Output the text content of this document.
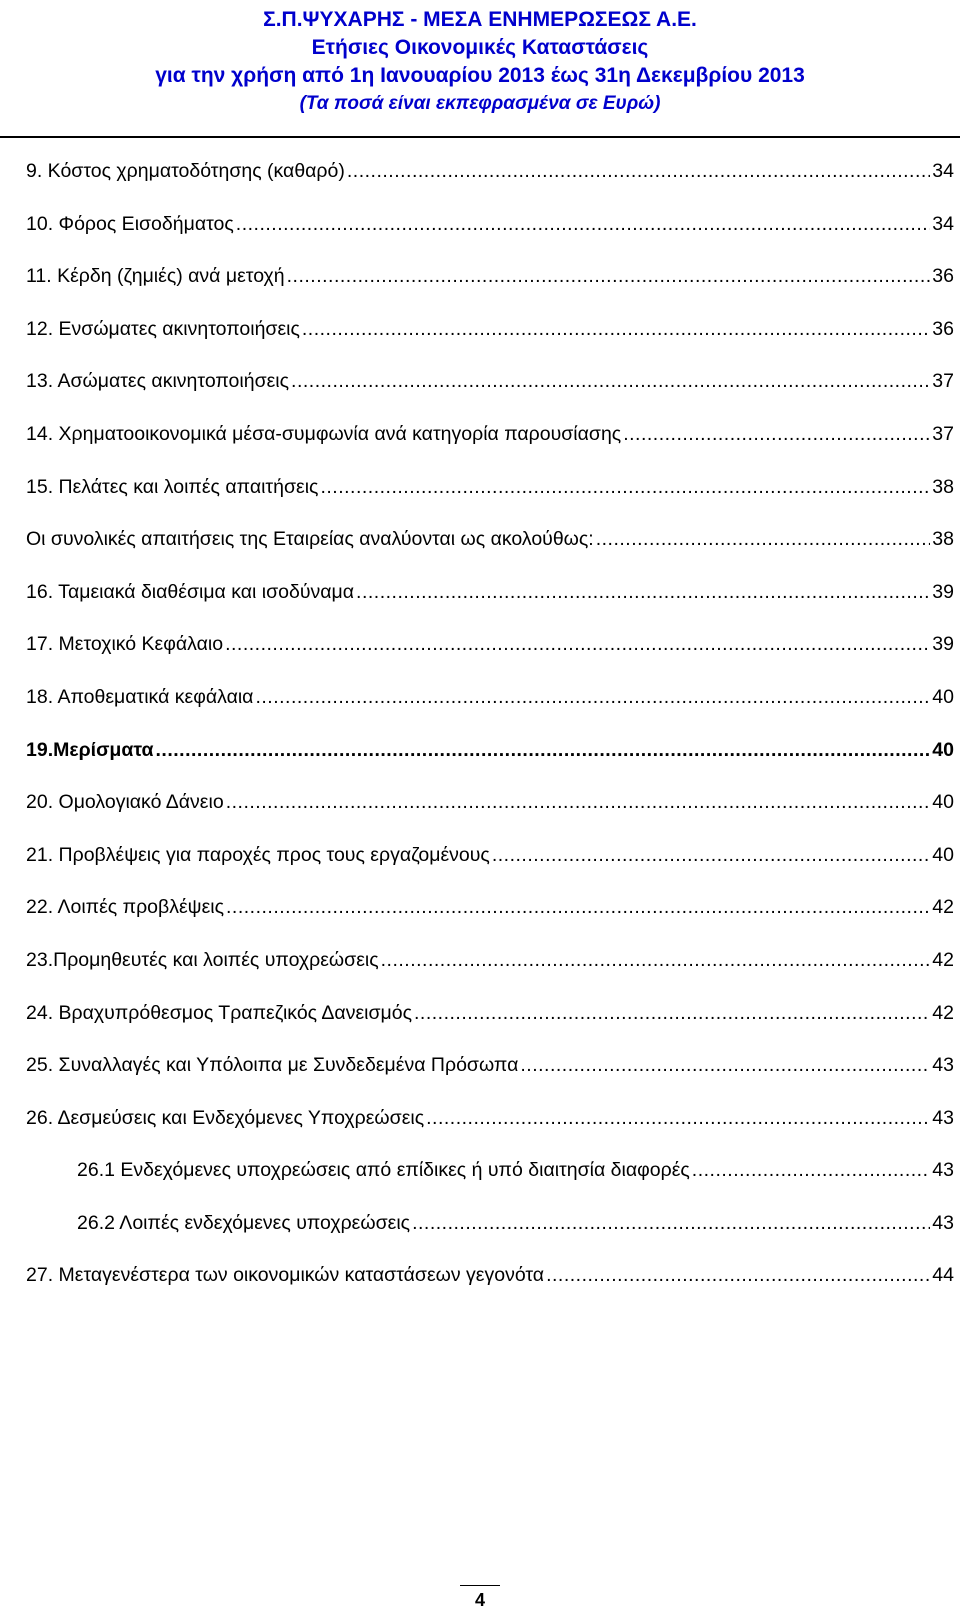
Σ.Π.ΨΥΧΑΡΗΣ - ΜΕΣΑ ΕΝΗΜΕΡΩΣΕΩΣ Α.Ε.
Ετήσιες Οικονομικές Καταστάσεις
για την χρήση από 1η Ιανουαρίου 2013 έως 31η Δεκεμβρίου 2013
(Τα ποσά είναι εκπεφρασμένα σε Ευρώ)
9. Κόστος χρηματοδότησης (καθαρό) .....	34
10. Φόρος Εισοδήματος .....	34
11. Κέρδη (ζημιές) ανά μετοχή .....	36
12. Ενσώματες ακινητοποιήσεις .....	36
13. Ασώματες ακινητοποιήσεις .....	37
14. Χρηματοοικονομικά μέσα-συμφωνία ανά κατηγορία παρουσίασης .....	37
15. Πελάτες και λοιπές απαιτήσεις .....	38
Οι συνολικές απαιτήσεις της Εταιρείας αναλύονται ως ακολούθως: .....	38
16. Ταμειακά διαθέσιμα και ισοδύναμα .....	39
17. Μετοχικό Κεφάλαιο .....	39
18. Αποθεματικά κεφάλαια .....	40
19.Μερίσματα .....	40
20. Ομολογιακό Δάνειο .....	40
21. Προβλέψεις για παροχές προς τους εργαζομένους .....	40
22. Λοιπές προβλέψεις .....	42
23.Προμηθευτές και λοιπές υποχρεώσεις .....	42
24. Βραχυπρόθεσμος Τραπεζικός Δανεισμός .....	42
25. Συναλλαγές και Υπόλοιπα με Συνδεδεμένα Πρόσωπα .....	43
26. Δεσμεύσεις και Ενδεχόμενες Υποχρεώσεις .....	43
26.1 Ενδεχόμενες υποχρεώσεις από επίδικες ή υπό διαιτησία διαφορές .....	43
26.2 Λοιπές ενδεχόμενες υποχρεώσεις .....	43
27. Μεταγενέστερα των οικονομικών καταστάσεων γεγονότα .....	44
4
